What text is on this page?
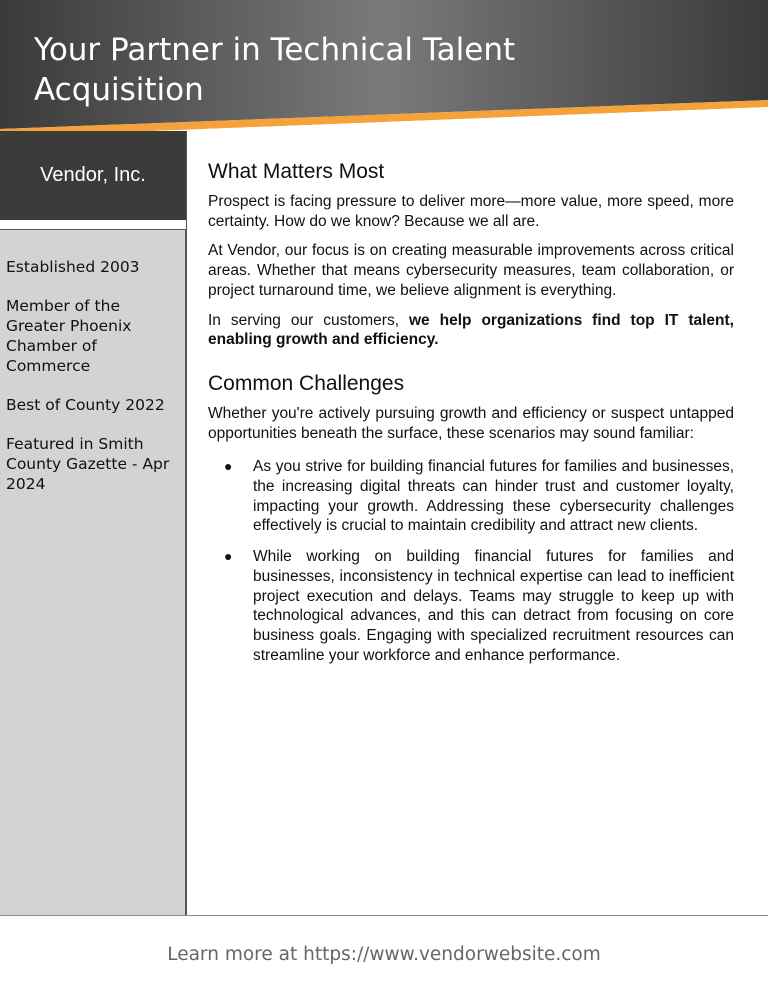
Your Partner in Technical Talent Acquisition
Vendor, Inc.

Established 2003

Member of the Greater Phoenix Chamber of Commerce

Best of County 2022

Featured in Smith County Gazette - Apr 2024

What Matters Most

Prospect is facing pressure to deliver more—more value, more speed, more certainty. How do we know? Because we all are.

At Vendor, our focus is on creating measurable improvements across critical areas. Whether that means cybersecurity measures, team collaboration, or project turnaround time, we believe alignment is everything.

In serving our customers, we help organizations find top IT talent, enabling growth and efficiency.

Common Challenges

Whether you're actively pursuing growth and efficiency or suspect untapped opportunities beneath the surface, these scenarios may sound familiar:

● As you strive for building financial futures for families and businesses, the increasing digital threats can hinder trust and customer loyalty, impacting your growth. Addressing these cybersecurity challenges effectively is crucial to maintain credibility and attract new clients.
● While working on building financial futures for families and businesses, inconsistency in technical expertise can lead to inefficient project execution and delays. Teams may struggle to keep up with technological advances, and this can detract from focusing on core business goals. Engaging with specialized recruitment resources can streamline your workforce and enhance performance.
Learn more at https://www.vendorwebsite.com
